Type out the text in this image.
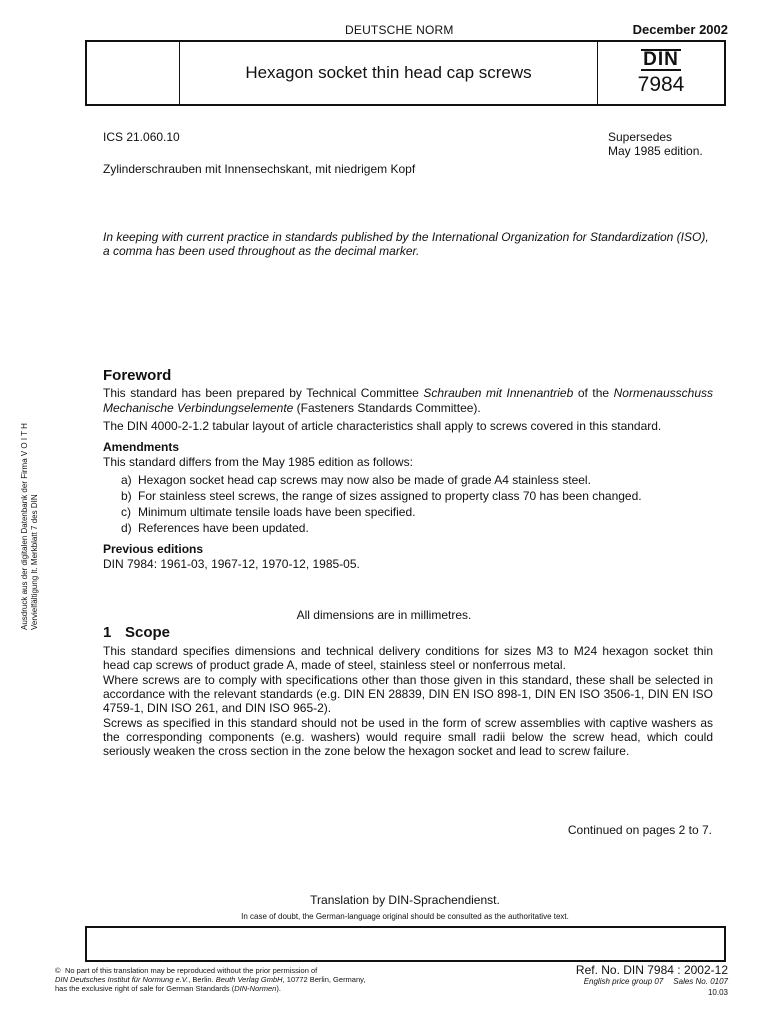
DEUTSCHE NORM	December 2002
Hexagon socket thin head cap screws
DIN
7984
ICS 21.060.10	Supersedes
May 1985 edition.
Zylinderschrauben mit Innensechskant, mit niedrigem Kopf
In keeping with current practice in standards published by the International Organization for Standardization (ISO), a comma has been used throughout as the decimal marker.
Ausdruck aus der digitalen Datenbank der Firma V O I T H Vervielfältigung lt. Merkblatt 7 des DIN
Foreword

This standard has been prepared by Technical Committee Schrauben mit Innenantrieb of the Normenausschuss Mechanische Verbindungselemente (Fasteners Standards Committee).

The DIN 4000-2-1.2 tabular layout of article characteristics shall apply to screws covered in this standard.

Amendments

This standard differs from the May 1985 edition as follows:

a) Hexagon socket head cap screws may now also be made of grade A4 stainless steel.
b) For stainless steel screws, the range of sizes assigned to property class 70 has been changed.
c) Minimum ultimate tensile loads have been specified.
d) References have been updated.
Previous editions

DIN 7984: 1961-03, 1967-12, 1970-12, 1985-05.

All dimensions are in millimetres.
1 Scope

This standard specifies dimensions and technical delivery conditions for sizes M3 to M24 hexagon socket thin head cap screws of product grade A, made of steel, stainless steel or nonferrous metal.

Where screws are to comply with specifications other than those given in this standard, these shall be selected in accordance with the relevant standards (e.g. DIN EN 28839, DIN EN ISO 898-1, DIN EN ISO 3506-1, DIN EN ISO 4759-1, DIN ISO 261, and DIN ISO 965-2).

Screws as specified in this standard should not be used in the form of screw assemblies with captive washers as the corresponding components (e.g. washers) would require small radii below the screw head, which could seriously weaken the cross section in the zone below the hexagon socket and lead to screw failure.

Continued on pages 2 to 7.
Translation by DIN-Sprachendienst.
In case of doubt, the German-language original should be consulted as the authoritative text.
© No part of this translation may be reproduced without the prior permission of
DIN Deutsches Institut für Normung e.V., Berlin. Beuth Verlag GmbH, 10772 Berlin, Germany,
has the exclusive right of sale for German Standards (DIN-Normen).
Ref. No. DIN 7984 : 2002-12
English price group 07 Sales No. 0107
10.03
